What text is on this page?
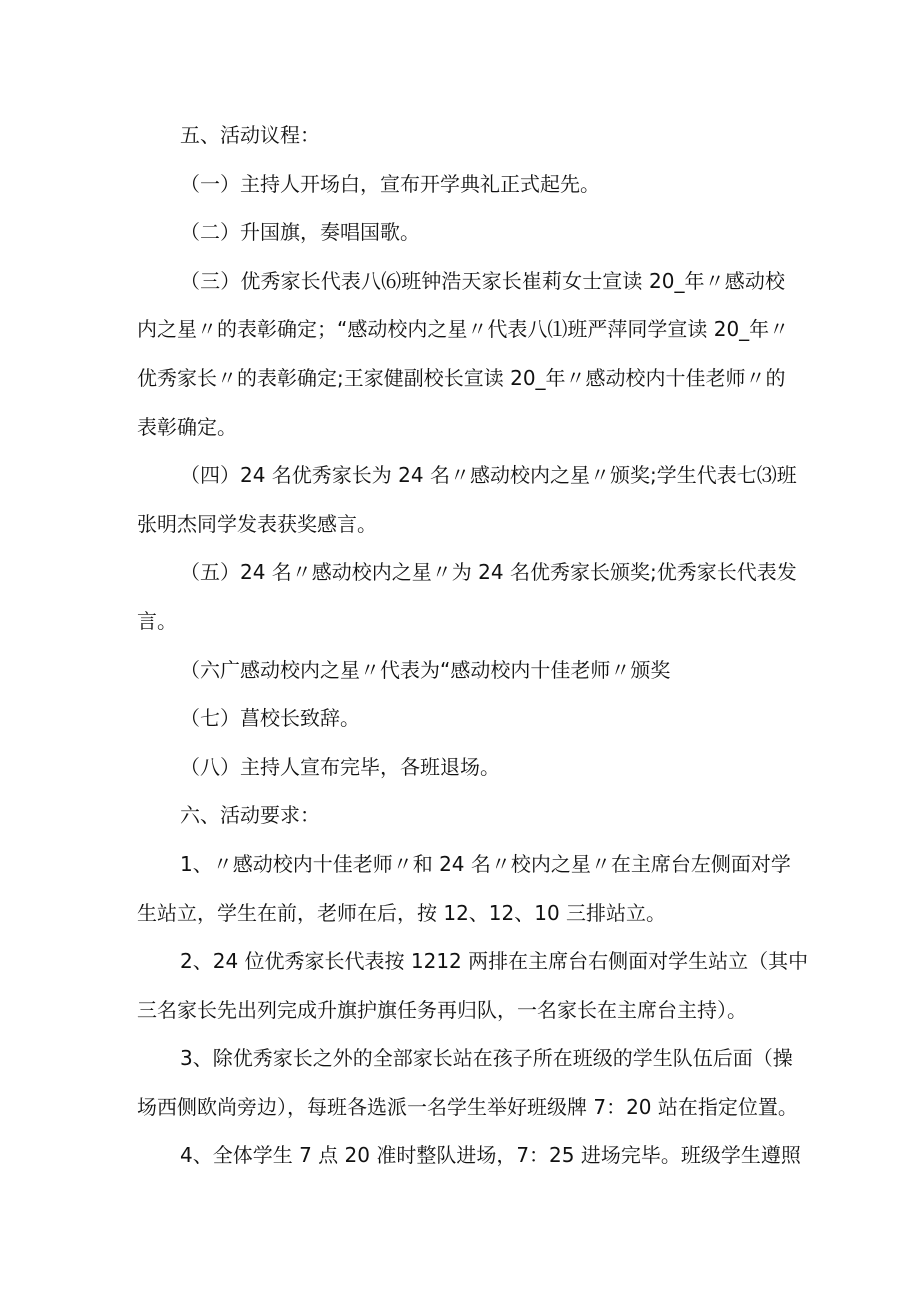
五、活动议程：
（一）主持人开场白，宣布开学典礼正式起先。
（二）升国旗，奏唱国歌。
（三）优秀家长代表八⑹班钟浩天家长崔莉女士宣读 20_年〃感动校
内之星〃的表彰确定；“感动校内之星〃代表八⑴班严萍同学宣读 20_年〃
优秀家长〃的表彰确定;王家健副校长宣读 20_年〃感动校内十佳老师〃的
表彰确定。
（四）24 名优秀家长为 24 名〃感动校内之星〃颁奖;学生代表七⑶班
张明杰同学发表获奖感言。
（五）24 名〃感动校内之星〃为 24 名优秀家长颁奖;优秀家长代表发
言。
（六广感动校内之星〃代表为“感动校内十佳老师〃颁奖
（七）菖校长致辞。
（八）主持人宣布完毕，各班退场。
六、活动要求：
1、〃感动校内十佳老师〃和 24 名〃校内之星〃在主席台左侧面对学
生站立，学生在前，老师在后，按 12、12、10 三排站立。
2、24 位优秀家长代表按 1212 两排在主席台右侧面对学生站立（其中
三名家长先出列完成升旗护旗任务再归队，一名家长在主席台主持）。
3、除优秀家长之外的全部家长站在孩子所在班级的学生队伍后面（操
场西侧欧尚旁边），每班各选派一名学生举好班级牌 7：20 站在指定位置。
4、全体学生 7 点 20 准时整队进场，7：25 进场完毕。班级学生遵照
